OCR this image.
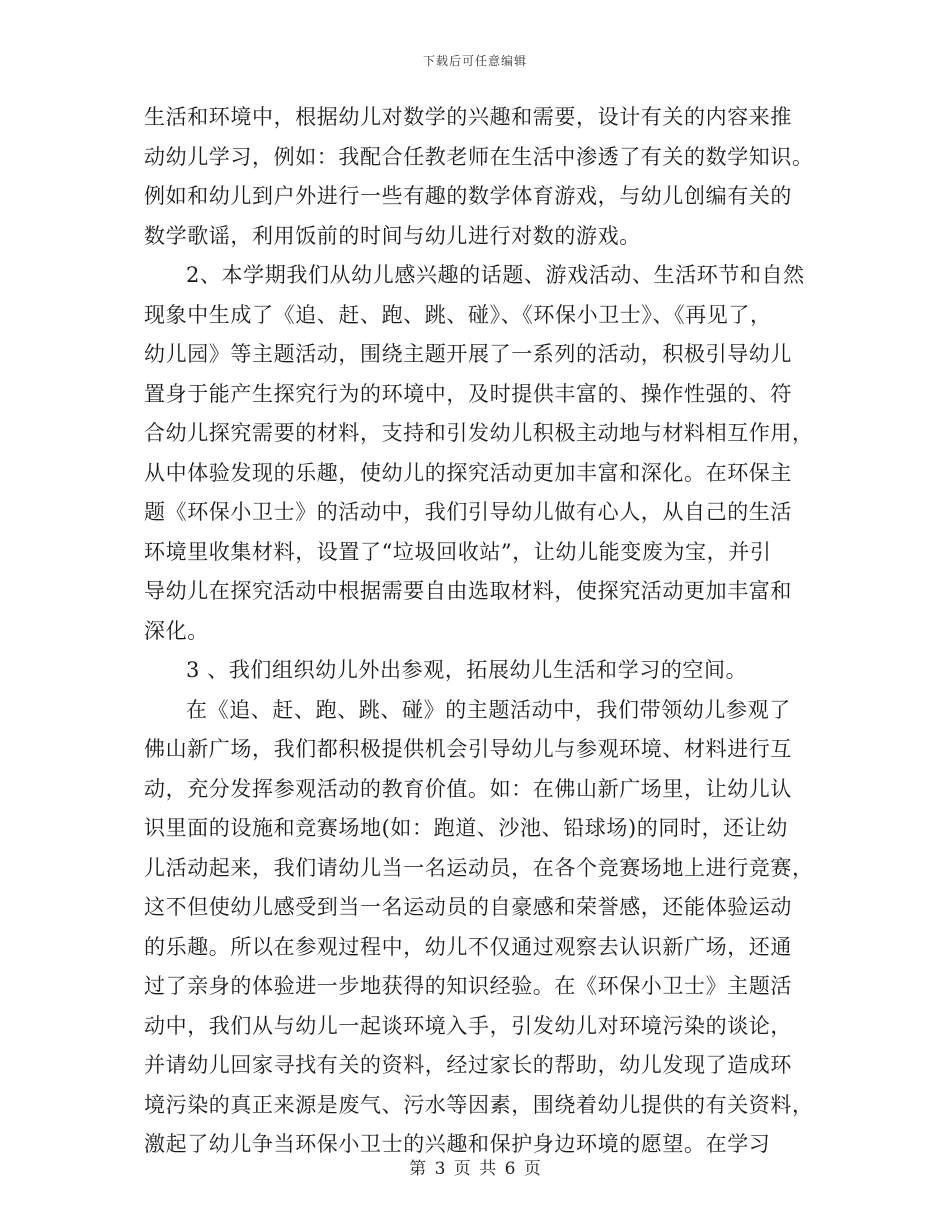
下载后可任意编辑

生活和环境中，根据幼儿对数学的兴趣和需要，设计有关的内容来推
动幼儿学习，例如：我配合任教老师在生活中渗透了有关的数学知识。
例如和幼儿到户外进行一些有趣的数学体育游戏，与幼儿创编有关的
数学歌谣，利用饭前的时间与幼儿进行对数的游戏。

2、本学期我们从幼儿感兴趣的话题、游戏活动、生活环节和自然
现象中生成了《追、赶、跑、跳、碰》、《环保小卫士》、《再见了，
幼儿园》等主题活动，围绕主题开展了一系列的活动，积极引导幼儿
置身于能产生探究行为的环境中，及时提供丰富的、操作性强的、符
合幼儿探究需要的材料，支持和引发幼儿积极主动地与材料相互作用，
从中体验发现的乐趣，使幼儿的探究活动更加丰富和深化。在环保主
题《环保小卫士》的活动中，我们引导幼儿做有心人，从自己的生活
环境里收集材料，设置了“垃圾回收站”，让幼儿能变废为宝，并引
导幼儿在探究活动中根据需要自由选取材料，使探究活动更加丰富和
深化。

3 、我们组织幼儿外出参观，拓展幼儿生活和学习的空间。

在《追、赶、跑、跳、碰》的主题活动中，我们带领幼儿参观了
佛山新广场，我们都积极提供机会引导幼儿与参观环境、材料进行互
动，充分发挥参观活动的教育价值。如：在佛山新广场里，让幼儿认
识里面的设施和竞赛场地(如：跑道、沙池、铅球场)的同时，还让幼
儿活动起来，我们请幼儿当一名运动员，在各个竞赛场地上进行竞赛，
这不但使幼儿感受到当一名运动员的自豪感和荣誉感，还能体验运动
的乐趣。所以在参观过程中，幼儿不仅通过观察去认识新广场，还通
过了亲身的体验进一步地获得的知识经验。在《环保小卫士》主题活
动中，我们从与幼儿一起谈环境入手，引发幼儿对环境污染的谈论，
并请幼儿回家寻找有关的资料，经过家长的帮助，幼儿发现了造成环
境污染的真正来源是废气、污水等因素，围绕着幼儿提供的有关资料，
激起了幼儿争当环保小卫士的兴趣和保护身边环境的愿望。在学习

第 3 页 共 6 页
